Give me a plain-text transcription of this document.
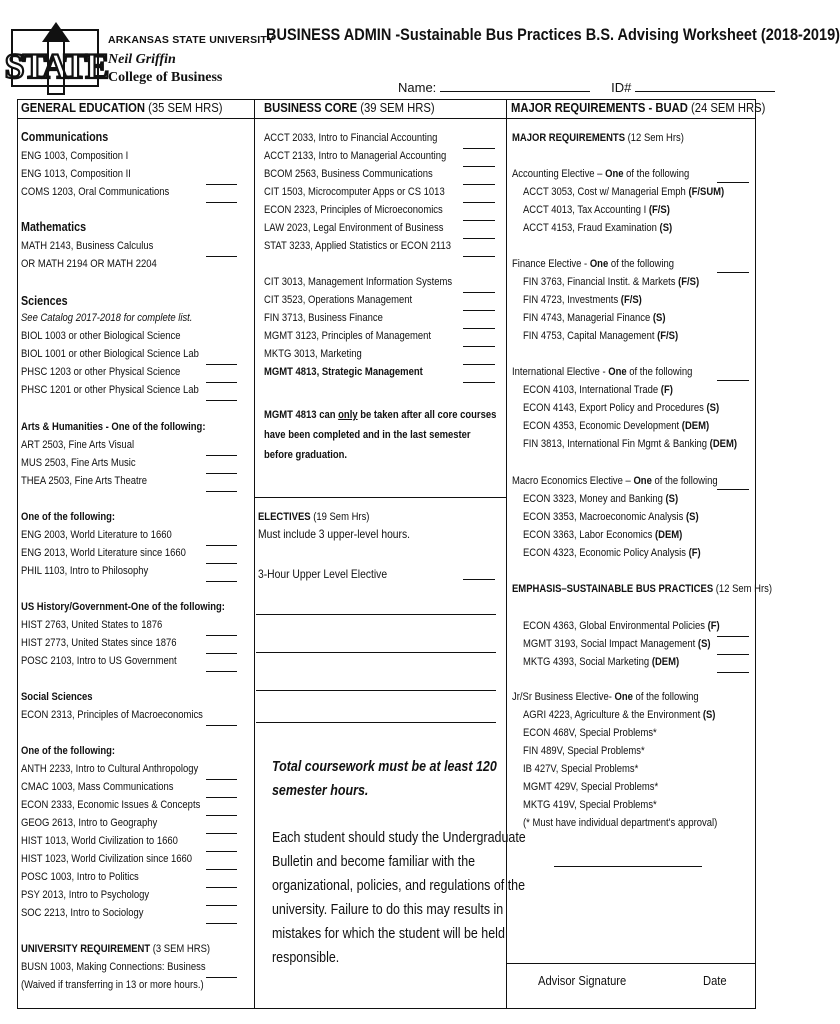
STATE
ARKANSAS STATE UNIVERSITY
Neil Griffin
College of Business
BUSINESS ADMIN -Sustainable Bus Practices B.S. Advising Worksheet (2018-2019)
Name:	ID#
GENERAL EDUCATION (35 SEM HRS)	BUSINESS CORE (39 SEM HRS)	MAJOR REQUIREMENTS - BUAD (24 SEM HRS)
Communications
ENG 1003, Composition I
ENG 1013, Composition II
COMS 1203, Oral Communications
Mathematics
MATH 2143, Business Calculus
OR MATH 2194 OR MATH 2204
Sciences
See Catalog 2017-2018 for complete list.
BIOL 1003 or other Biological Science
BIOL 1001 or other Biological Science Lab
PHSC 1203 or other Physical Science
PHSC 1201 or other Physical Science Lab
Arts & Humanities - One of the following:
ART 2503, Fine Arts Visual
MUS 2503, Fine Arts Music
THEA 2503, Fine Arts Theatre
One of the following:
ENG 2003, World Literature to 1660
ENG 2013, World Literature since 1660
PHIL 1103, Intro to Philosophy
US History/Government-One of the following:
HIST 2763, United States to 1876
HIST 2773, United States since 1876
POSC 2103, Intro to US Government
Social Sciences
ECON 2313, Principles of Macroeconomics
One of the following:
ANTH 2233, Intro to Cultural Anthropology
CMAC 1003, Mass Communications
ECON 2333, Economic Issues & Concepts
GEOG 2613, Intro to Geography
HIST 1013, World Civilization to 1660
HIST 1023, World Civilization since 1660
POSC 1003, Intro to Politics
PSY 2013, Intro to Psychology
SOC 2213, Intro to Sociology
UNIVERSITY REQUIREMENT (3 SEM HRS)
BUSN 1003, Making Connections: Business
(Waived if transferring in 13 or more hours.)
ACCT 2033, Intro to Financial Accounting
ACCT 2133, Intro to Managerial Accounting
BCOM 2563, Business Communications
CIT 1503, Microcomputer Apps or CS 1013
ECON 2323, Principles of Microeconomics
LAW 2023, Legal Environment of Business
STAT 3233, Applied Statistics or ECON 2113
CIT 3013, Management Information Systems
CIT 3523, Operations Management
FIN 3713, Business Finance
MGMT 3123, Principles of Management
MKTG 3013, Marketing
MGMT 4813, Strategic Management
MGMT 4813 can only be taken after all core courses
have been completed and in the last semester
before graduation.
ELECTIVES (19 Sem Hrs)
Must include 3 upper-level hours.
3-Hour Upper Level Elective
Total coursework must be at least 120
semester hours.
Each student should study the Undergraduate
Bulletin and become familiar with the
organizational, policies, and regulations of the
university. Failure to do this may results in
mistakes for which the student will be held
responsible.
MAJOR REQUIREMENTS (12 Sem Hrs)
Accounting Elective – One of the following
ACCT 3053, Cost w/ Managerial Emph (F/SUM)
ACCT 4013, Tax Accounting I (F/S)
ACCT 4153, Fraud Examination (S)
Finance Elective - One of the following
FIN 3763, Financial Instit. & Markets (F/S)
FIN 4723, Investments (F/S)
FIN 4743, Managerial Finance (S)
FIN 4753, Capital Management (F/S)
International Elective - One of the following
ECON 4103, International Trade (F)
ECON 4143, Export Policy and Procedures (S)
ECON 4353, Economic Development (DEM)
FIN 3813, International Fin Mgmt & Banking (DEM)
Macro Economics Elective – One of the following
ECON 3323, Money and Banking (S)
ECON 3353, Macroeconomic Analysis (S)
ECON 3363, Labor Economics (DEM)
ECON 4323, Economic Policy Analysis (F)
EMPHASIS–SUSTAINABLE BUS PRACTICES (12 Sem Hrs)
ECON 4363, Global Environmental Policies (F)
MGMT 3193, Social Impact Management (S)
MKTG 4393, Social Marketing (DEM)
Jr/Sr Business Elective- One of the following
AGRI 4223, Agriculture & the Environment (S)
ECON 468V, Special Problems*
FIN 489V, Special Problems*
IB 427V, Special Problems*
MGMT 429V, Special Problems*
MKTG 419V, Special Problems*
(* Must have individual department's approval)
Advisor Signature	Date
